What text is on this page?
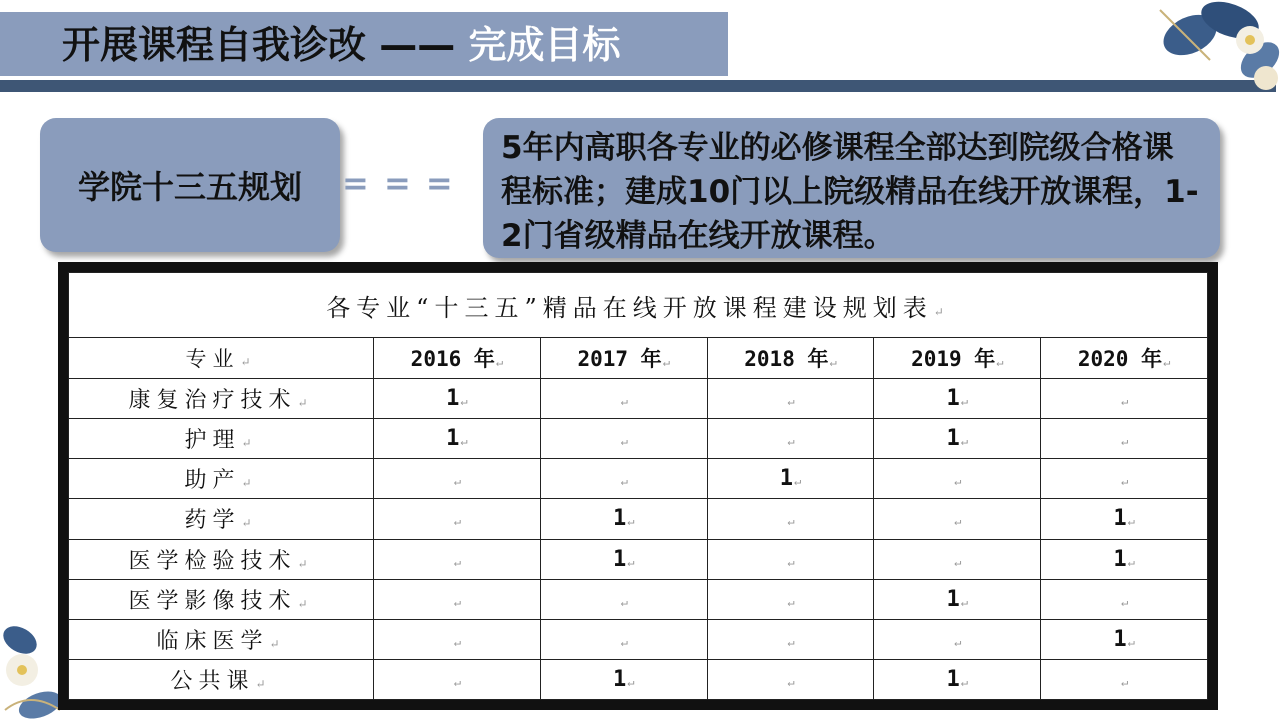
开展课程自我诊改 —— 完成目标
学院十三五规划 = = =
5年内高职各专业的必修课程全部达到院级合格课程标准；建成10门以上院级精品在线开放课程，1-2门省级精品在线开放课程。
各专业“十三五”精品在线开放课程建设规划表↵					
专业↵	2016 年↵	2017 年↵	2018 年↵	2019 年↵	2020 年↵
康复治疗技术↵	1↵	↵	↵	1↵	↵
护理↵	1↵	↵	↵	1↵	↵
助产↵	↵	↵	1↵	↵	↵
药学↵	↵	1↵	↵	↵	1↵
医学检验技术↵	↵	1↵	↵	↵	1↵
医学影像技术↵	↵	↵	↵	1↵	↵
临床医学↵	↵	↵	↵	↵	1↵
公共课↵	↵	1↵	↵	1↵	↵
